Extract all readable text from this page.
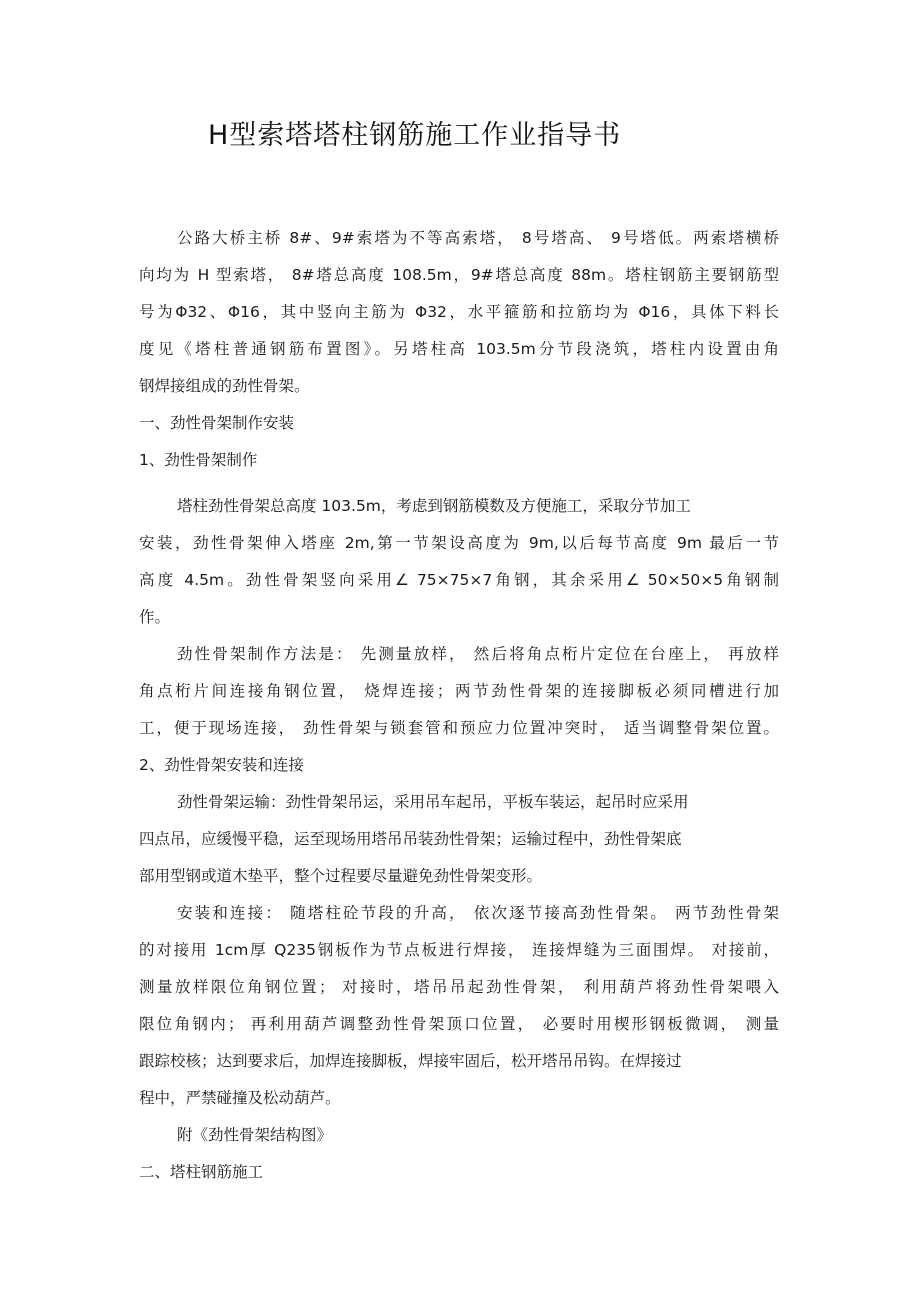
H型索塔塔柱钢筋施工作业指导书
公路大桥主桥 8#、9#索塔为不等高索塔， 8号塔高、 9号塔低。两索塔横桥
向均为 H 型索塔， 8#塔总高度 108.5m，9#塔总高度 88m。塔柱钢筋主要钢筋型
号为Φ32、Φ16，其中竖向主筋为 Φ32，水平箍筋和拉筋均为 Φ16，具体下料长
度见《塔柱普通钢筋布置图》。另塔柱高 103.5m分节段浇筑，塔柱内设置由角
钢焊接组成的劲性骨架。
一、劲性骨架制作安装
1、劲性骨架制作
塔柱劲性骨架总高度 103.5m，考虑到钢筋模数及方便施工，采取分节加工
安装，劲性骨架伸入塔座 2m,第一节架设高度为 9m,以后每节高度 9m 最后一节
高度 4.5m。劲性骨架竖向采用∠ 75×75×7角钢，其余采用∠ 50×50×5角钢制
作。
劲性骨架制作方法是： 先测量放样， 然后将角点桁片定位在台座上， 再放样
角点桁片间连接角钢位置， 烧焊连接；两节劲性骨架的连接脚板必须同槽进行加
工，便于现场连接， 劲性骨架与锁套管和预应力位置冲突时， 适当调整骨架位置。
2、劲性骨架安装和连接
劲性骨架运输：劲性骨架吊运，采用吊车起吊，平板车装运，起吊时应采用
四点吊，应缓慢平稳，运至现场用塔吊吊装劲性骨架；运输过程中，劲性骨架底
部用型钢或道木垫平，整个过程要尽量避免劲性骨架变形。
安装和连接： 随塔柱砼节段的升高， 依次逐节接高劲性骨架。 两节劲性骨架
的对接用 1cm厚 Q235钢板作为节点板进行焊接， 连接焊缝为三面围焊。 对接前，
测量放样限位角钢位置； 对接时，塔吊吊起劲性骨架， 利用葫芦将劲性骨架喂入
限位角钢内； 再利用葫芦调整劲性骨架顶口位置， 必要时用楔形钢板微调， 测量
跟踪校核；达到要求后，加焊连接脚板，焊接牢固后，松开塔吊吊钩。在焊接过
程中，严禁碰撞及松动葫芦。
附《劲性骨架结构图》
二、塔柱钢筋施工
